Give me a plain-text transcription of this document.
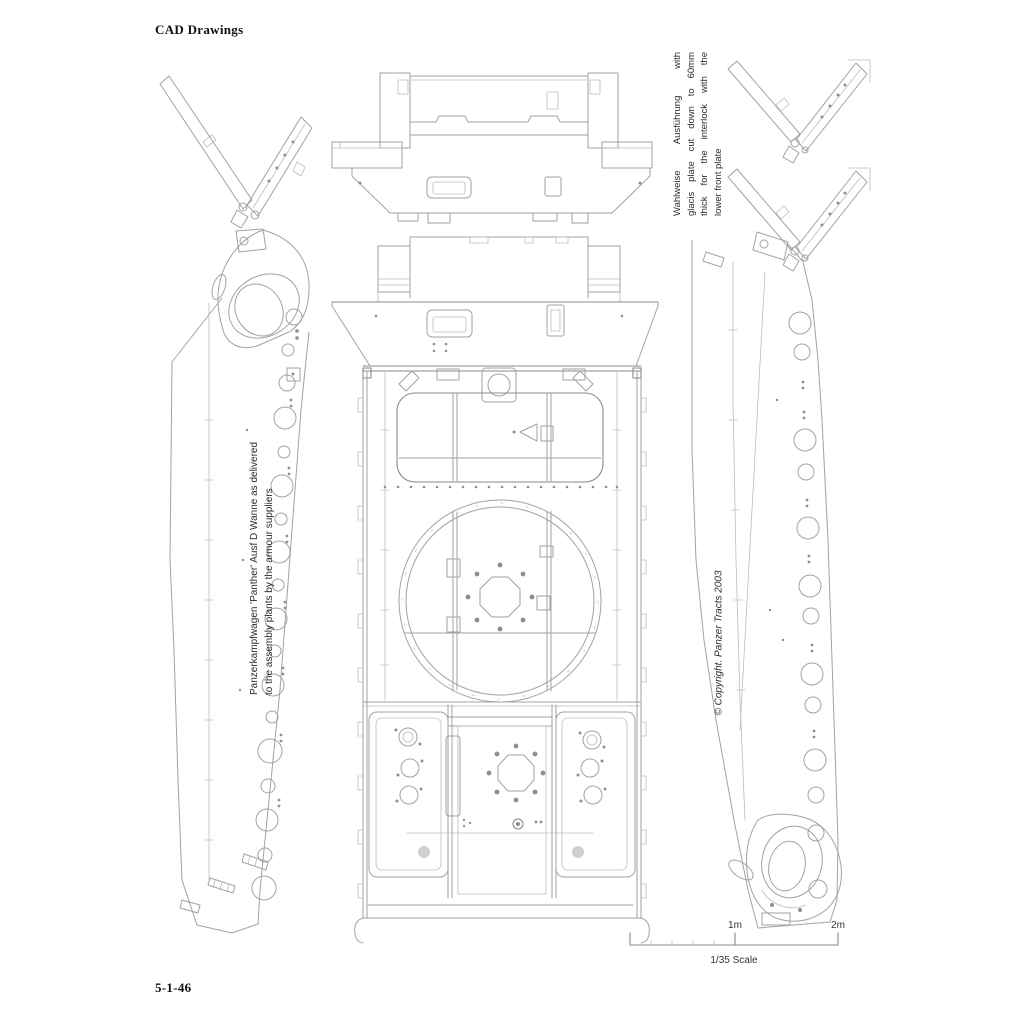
CAD Drawings
5-1-46
Panzerkampfwagen 'Panther' Ausf D Wanne as delivered to the assembly plants by the armour suppliers
Wahlweise Ausführung with glacis plate cut down to 60mm thick for the interlock with the lower front plate
© Copyright. Panzer Tracts 2003
1m	2m
1/35 Scale
